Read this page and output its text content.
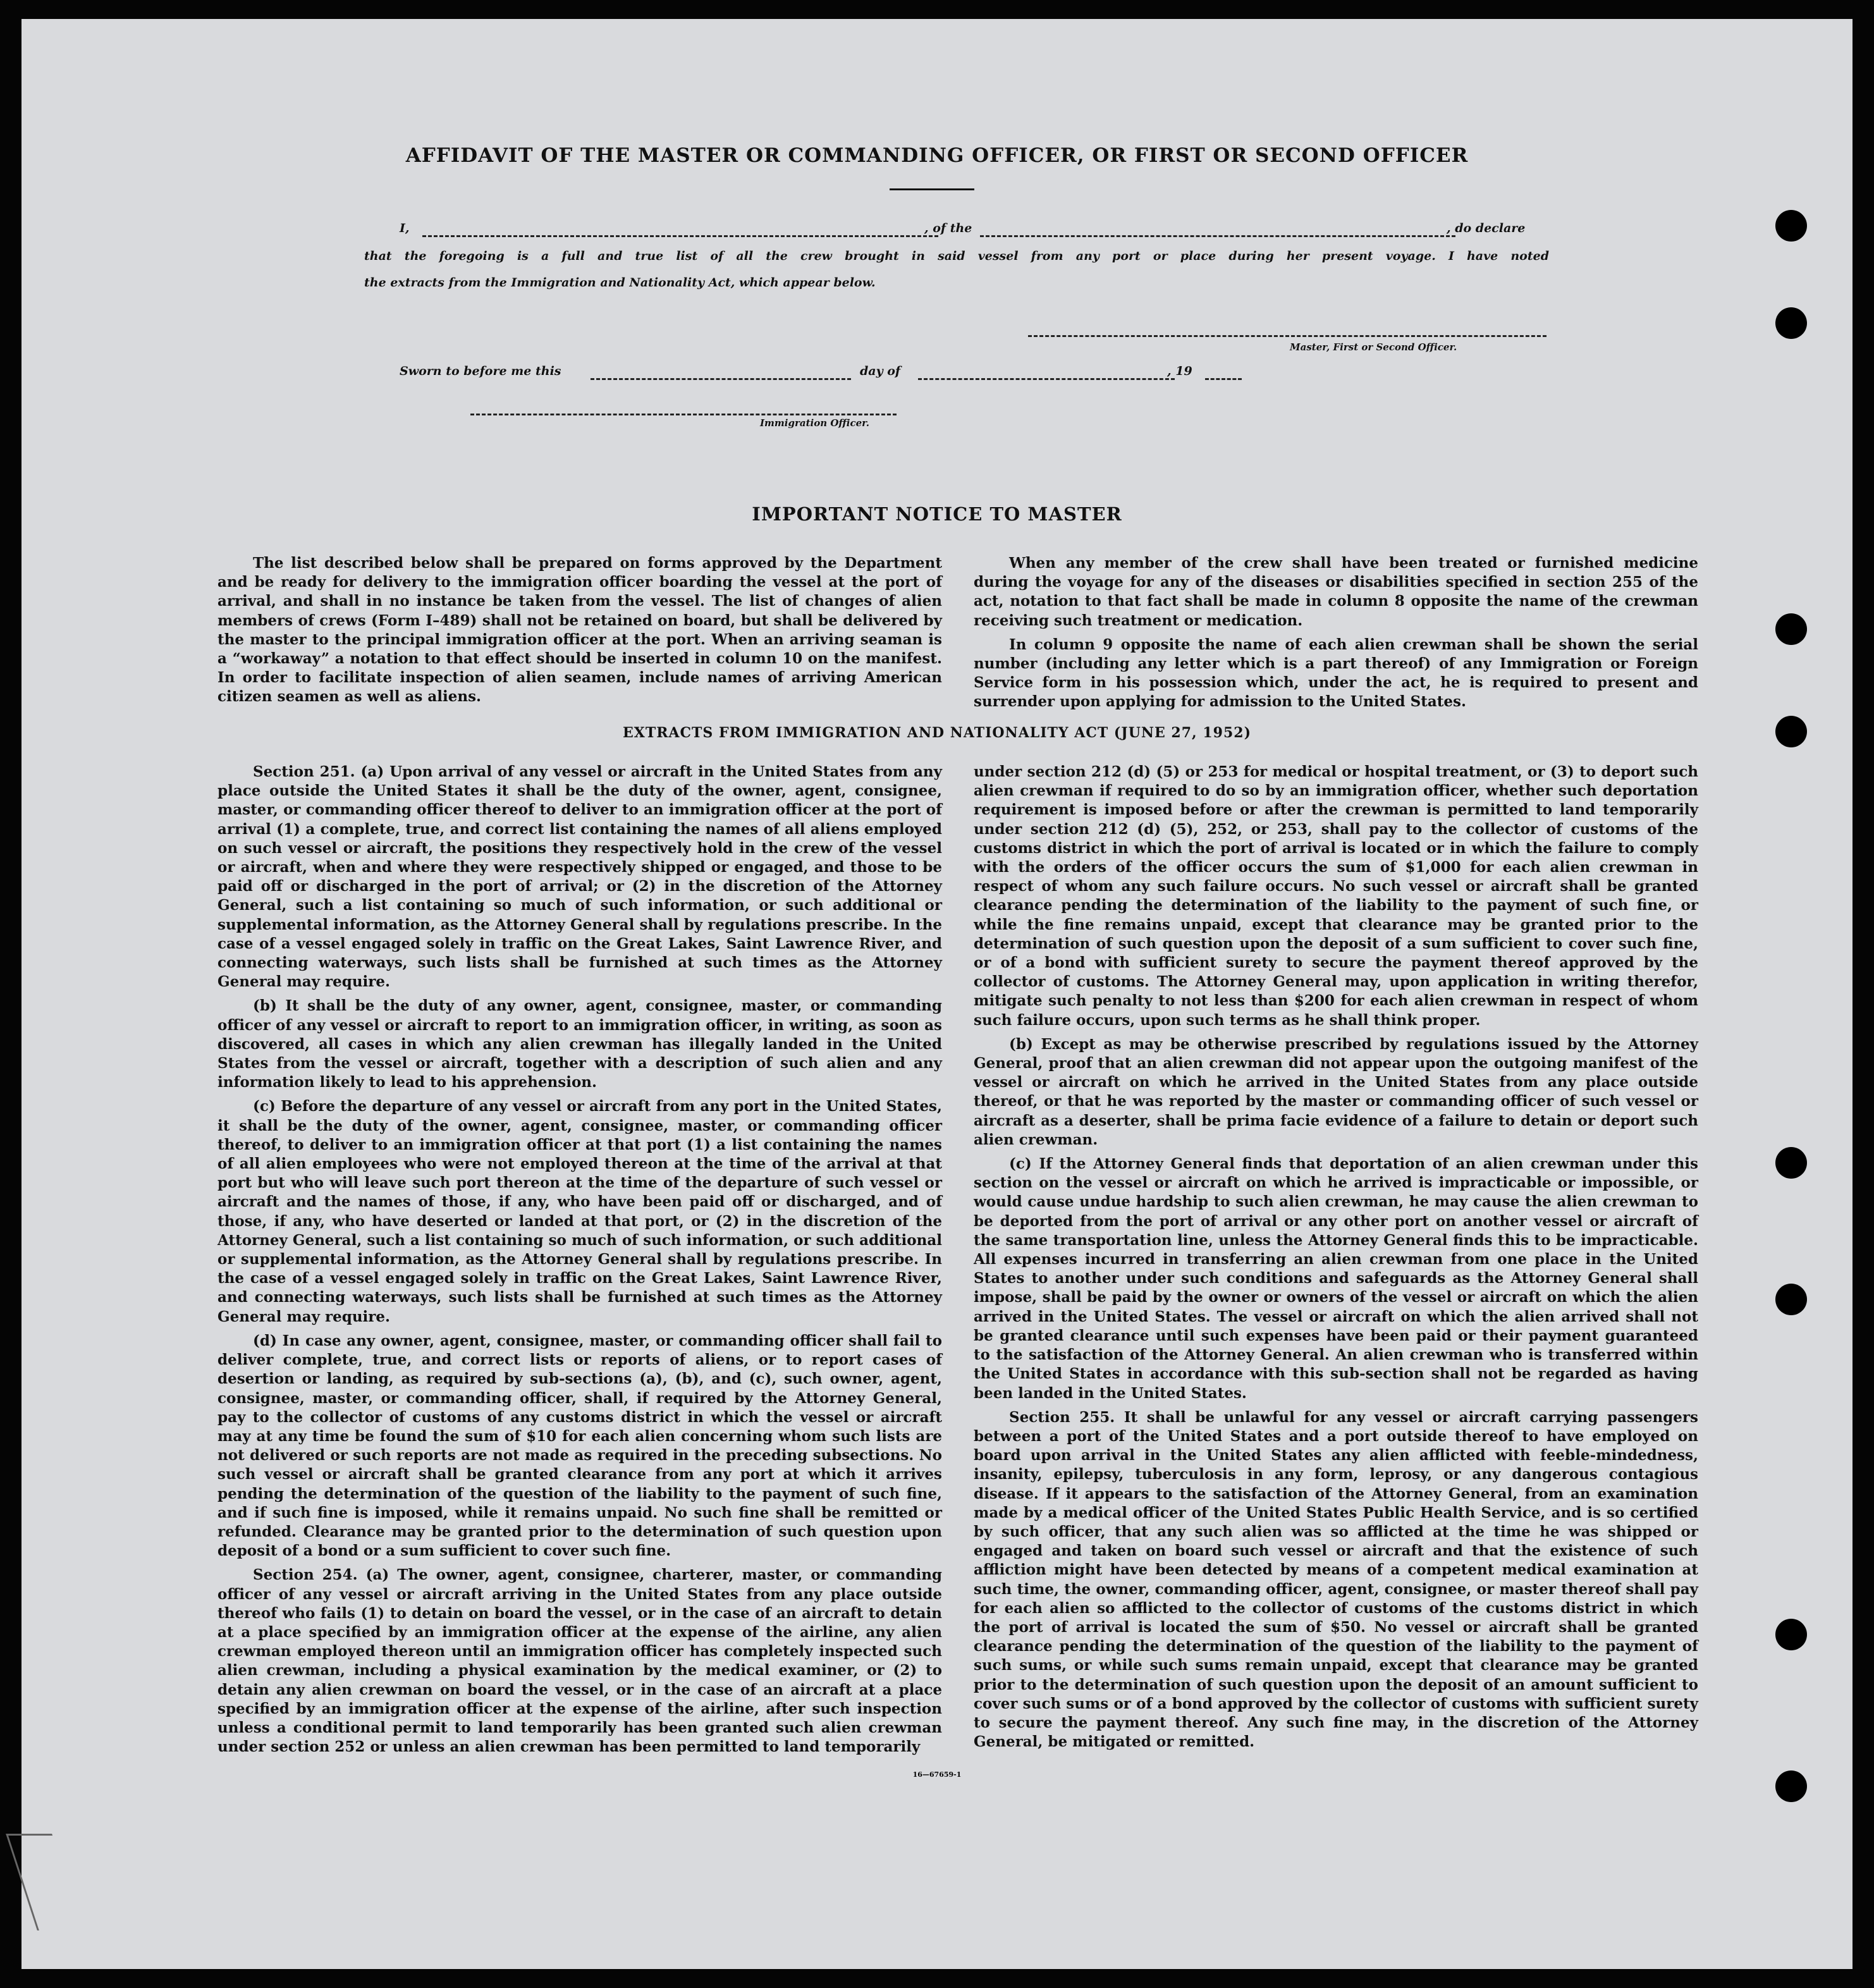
AFFIDAVIT OF THE MASTER OR COMMANDING OFFICER, OR FIRST OR SECOND OFFICER
I,	, of the	, do declare
that the foregoing is a full and true list of all the crew brought in said vessel from any port or place during her present voyage. I have noted
the extracts from the Immigration and Nationality Act, which appear below.
Master, First or Second Officer.
Sworn to before me this	day of	, 19
Immigration Officer.
IMPORTANT NOTICE TO MASTER

The list described below shall be prepared on forms approved by the Department and be ready for delivery to the immigration officer boarding the vessel at the port of arrival, and shall in no instance be taken from the vessel. The list of changes of alien members of crews (Form I–489) shall not be retained on board, but shall be delivered by the master to the principal immigration officer at the port. When an arriving seaman is a “workaway” a notation to that effect should be inserted in column 10 on the manifest. In order to facilitate inspection of alien seamen, include names of arriving American citizen seamen as well as aliens.

When any member of the crew shall have been treated or furnished medicine during the voyage for any of the diseases or disabilities specified in section 255 of the act, notation to that fact shall be made in column 8 opposite the name of the crewman receiving such treatment or medication.

In column 9 opposite the name of each alien crewman shall be shown the serial number (including any letter which is a part thereof) of any Immigration or Foreign Service form in his possession which, under the act, he is required to present and surrender upon applying for admission to the United States.

EXTRACTS FROM IMMIGRATION AND NATIONALITY ACT (JUNE 27, 1952)

Section 251. (a) Upon arrival of any vessel or aircraft in the United States from any place outside the United States it shall be the duty of the owner, agent, consignee, master, or commanding officer thereof to deliver to an immigration officer at the port of arrival (1) a complete, true, and correct list containing the names of all aliens employed on such vessel or aircraft, the positions they respectively hold in the crew of the vessel or aircraft, when and where they were respectively shipped or engaged, and those to be paid off or discharged in the port of arrival; or (2) in the discretion of the Attorney General, such a list containing so much of such information, or such additional or supplemental information, as the Attorney General shall by regulations prescribe. In the case of a vessel engaged solely in traffic on the Great Lakes, Saint Lawrence River, and connecting waterways, such lists shall be furnished at such times as the Attorney General may require.

(b) It shall be the duty of any owner, agent, consignee, master, or commanding officer of any vessel or aircraft to report to an immigration officer, in writing, as soon as discovered, all cases in which any alien crewman has illegally landed in the United States from the vessel or aircraft, together with a description of such alien and any information likely to lead to his apprehension.

(c) Before the departure of any vessel or aircraft from any port in the United States, it shall be the duty of the owner, agent, consignee, master, or commanding officer thereof, to deliver to an immigration officer at that port (1) a list containing the names of all alien employees who were not employed thereon at the time of the arrival at that port but who will leave such port thereon at the time of the departure of such vessel or aircraft and the names of those, if any, who have been paid off or discharged, and of those, if any, who have deserted or landed at that port, or (2) in the discretion of the Attorney General, such a list containing so much of such information, or such additional or supplemental information, as the Attorney General shall by regulations prescribe. In the case of a vessel engaged solely in traffic on the Great Lakes, Saint Lawrence River, and connecting waterways, such lists shall be furnished at such times as the Attorney General may require.

(d) In case any owner, agent, consignee, master, or commanding officer shall fail to deliver complete, true, and correct lists or reports of aliens, or to report cases of desertion or landing, as required by sub-sections (a), (b), and (c), such owner, agent, consignee, master, or commanding officer, shall, if required by the Attorney General, pay to the collector of customs of any customs district in which the vessel or aircraft may at any time be found the sum of $10 for each alien concerning whom such lists are not delivered or such reports are not made as required in the preceding subsections. No such vessel or aircraft shall be granted clearance from any port at which it arrives pending the determination of the question of the liability to the payment of such fine, and if such fine is imposed, while it remains unpaid. No such fine shall be remitted or refunded. Clearance may be granted prior to the determination of such question upon deposit of a bond or a sum sufficient to cover such fine.

Section 254. (a) The owner, agent, consignee, charterer, master, or commanding officer of any vessel or aircraft arriving in the United States from any place outside thereof who fails (1) to detain on board the vessel, or in the case of an aircraft to detain at a place specified by an immigration officer at the expense of the airline, any alien crewman employed thereon until an immigration officer has completely inspected such alien crewman, including a physical examination by the medical examiner, or (2) to detain any alien crewman on board the vessel, or in the case of an aircraft at a place specified by an immigration officer at the expense of the airline, after such inspection unless a conditional permit to land temporarily has been granted such alien crewman under section 252 or unless an alien crewman has been permitted to land temporarily

under section 212 (d) (5) or 253 for medical or hospital treatment, or (3) to deport such alien crewman if required to do so by an immigration officer, whether such deportation requirement is imposed before or after the crewman is permitted to land temporarily under section 212 (d) (5), 252, or 253, shall pay to the collector of customs of the customs district in which the port of arrival is located or in which the failure to comply with the orders of the officer occurs the sum of $1,000 for each alien crewman in respect of whom any such failure occurs. No such vessel or aircraft shall be granted clearance pending the determination of the liability to the payment of such fine, or while the fine remains unpaid, except that clearance may be granted prior to the determination of such question upon the deposit of a sum sufficient to cover such fine, or of a bond with sufficient surety to secure the payment thereof approved by the collector of customs. The Attorney General may, upon application in writing therefor, mitigate such penalty to not less than $200 for each alien crewman in respect of whom such failure occurs, upon such terms as he shall think proper.

(b) Except as may be otherwise prescribed by regulations issued by the Attorney General, proof that an alien crewman did not appear upon the outgoing manifest of the vessel or aircraft on which he arrived in the United States from any place outside thereof, or that he was reported by the master or commanding officer of such vessel or aircraft as a deserter, shall be prima facie evidence of a failure to detain or deport such alien crewman.

(c) If the Attorney General finds that deportation of an alien crewman under this section on the vessel or aircraft on which he arrived is impracticable or impossible, or would cause undue hardship to such alien crewman, he may cause the alien crewman to be deported from the port of arrival or any other port on another vessel or aircraft of the same transportation line, unless the Attorney General finds this to be impracticable. All expenses incurred in transferring an alien crewman from one place in the United States to another under such conditions and safeguards as the Attorney General shall impose, shall be paid by the owner or owners of the vessel or aircraft on which the alien arrived in the United States. The vessel or aircraft on which the alien arrived shall not be granted clearance until such expenses have been paid or their payment guaranteed to the satisfaction of the Attorney General. An alien crewman who is transferred within the United States in accordance with this sub-section shall not be regarded as having been landed in the United States.

Section 255. It shall be unlawful for any vessel or aircraft carrying passengers between a port of the United States and a port outside thereof to have employed on board upon arrival in the United States any alien afflicted with feeble-mindedness, insanity, epilepsy, tuberculosis in any form, leprosy, or any dangerous contagious disease. If it appears to the satisfaction of the Attorney General, from an examination made by a medical officer of the United States Public Health Service, and is so certified by such officer, that any such alien was so afflicted at the time he was shipped or engaged and taken on board such vessel or aircraft and that the existence of such affliction might have been detected by means of a competent medical examination at such time, the owner, commanding officer, agent, consignee, or master thereof shall pay for each alien so afflicted to the collector of customs of the customs district in which the port of arrival is located the sum of $50. No vessel or aircraft shall be granted clearance pending the determination of the question of the liability to the payment of such sums, or while such sums remain unpaid, except that clearance may be granted prior to the determination of such question upon the deposit of an amount sufficient to cover such sums or of a bond approved by the collector of customs with sufficient surety to secure the payment thereof. Any such fine may, in the discretion of the Attorney General, be mitigated or remitted.

16—67659-1
